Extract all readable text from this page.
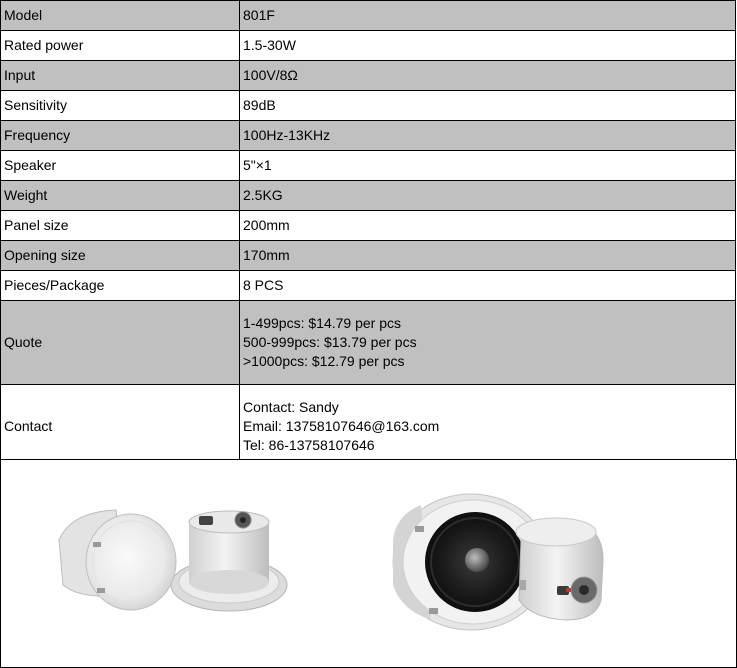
Model	801F
Rated power	1.5-30W
Input	100V/8Ω
Sensitivity	89dB
Frequency	100Hz-13KHz
Speaker	5"×1
Weight	2.5KG
Panel size	200mm
Opening size	170mm
Pieces/Package	8 PCS
Quote	1-499pcs: $14.79 per pcs
500-999pcs: $13.79 per pcs
>1000pcs: $12.79 per pcs

Contact	Contact: Sandy
Email: 13758107646@163.com
Tel: 86-13758107646
